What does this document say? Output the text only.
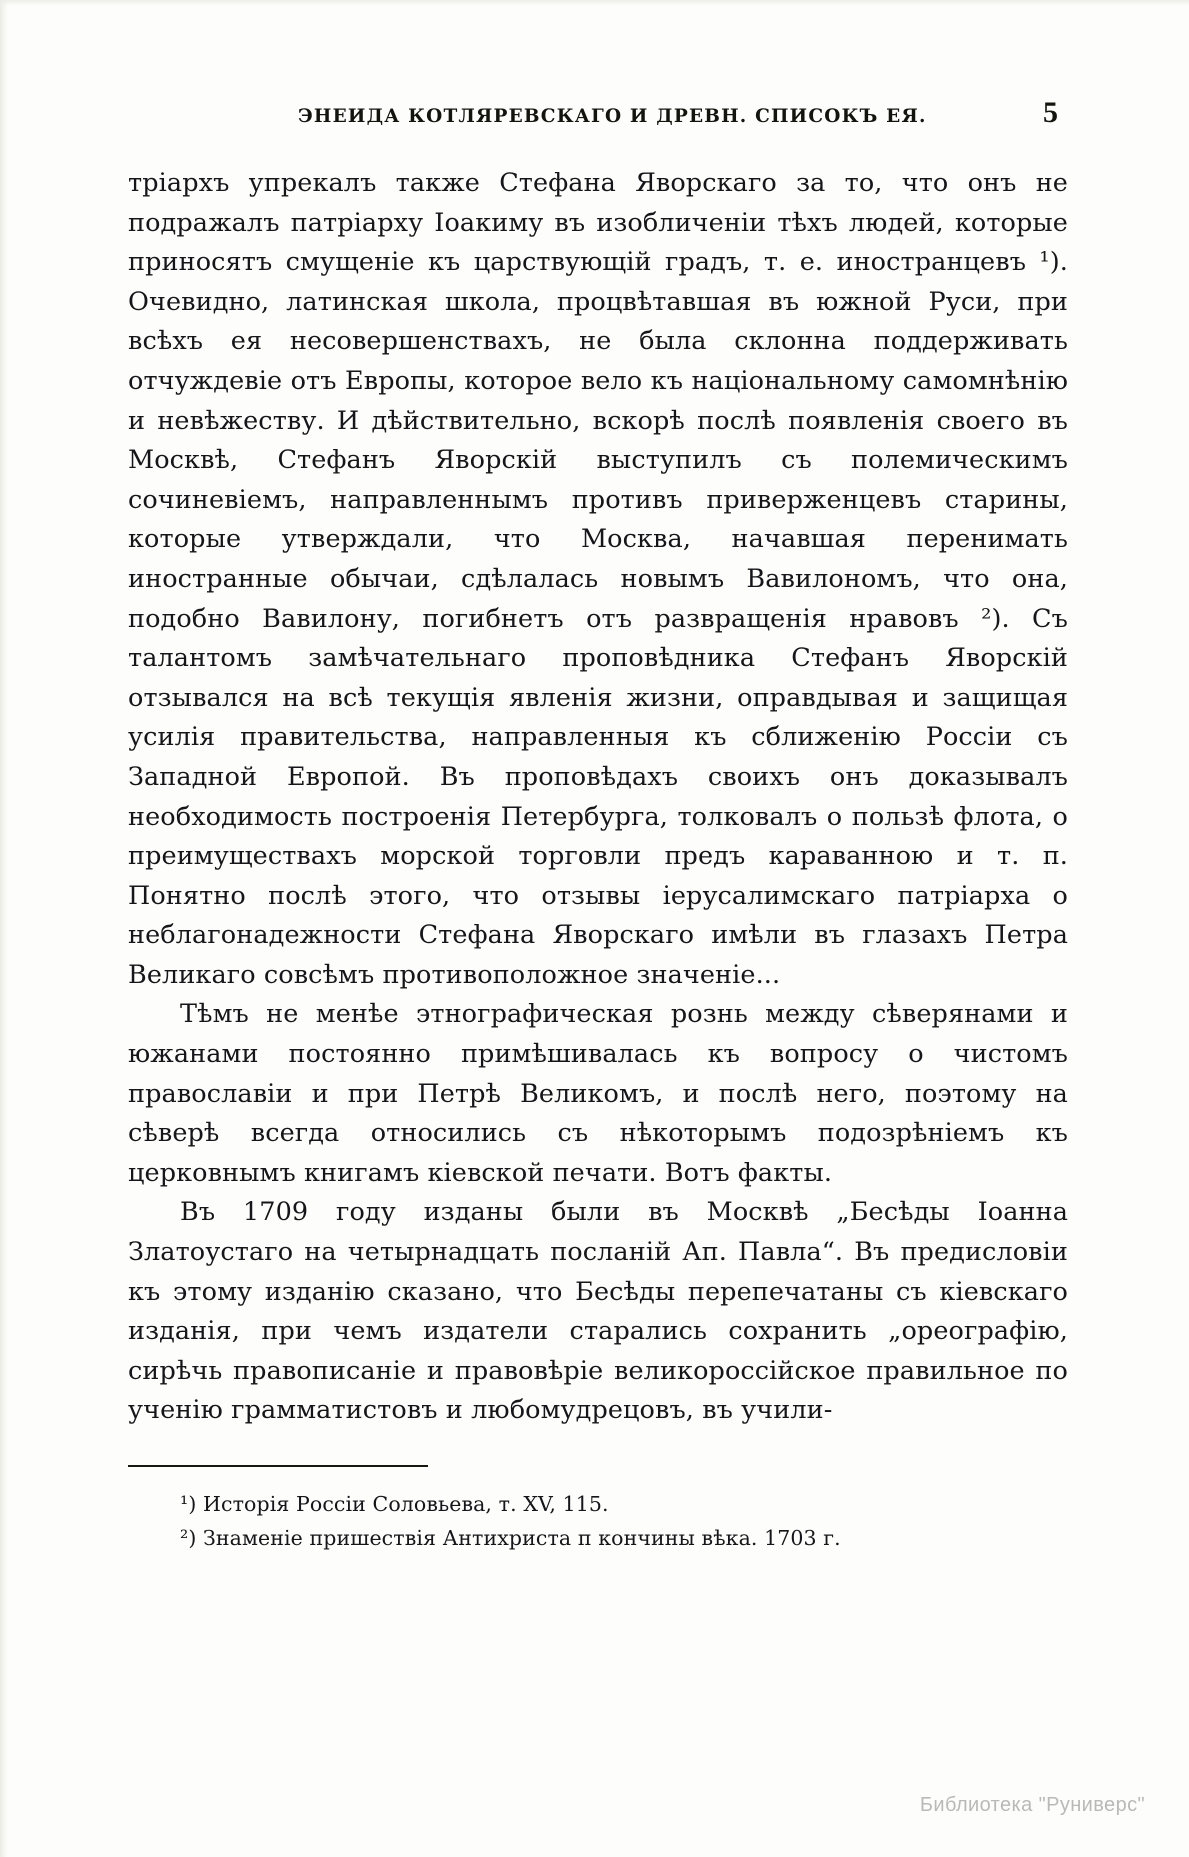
ЭНЕИДА КОТЛЯРЕВСКАГО И ДРЕВН. СПИСОКЪ ЕЯ.	5

тріархъ упрекалъ также Стефана Яворскаго за то, что онъ не подражалъ патріарху Іоакиму въ изобличеніи тѣхъ людей, которые приносятъ смущеніе къ царствующій градъ, т. е. иностранцевъ ¹). Очевидно, латинская школа, процвѣтавшая въ южной Руси, при всѣхъ ея несовершенствахъ, не была склонна поддерживать отчуждевіе отъ Европы, которое вело къ національному самомнѣнію и невѣжеству. И дѣйствительно, вскорѣ послѣ появленія своего въ Москвѣ, Стефанъ Яворскій выступилъ съ полемическимъ сочиневіемъ, направленнымъ противъ приверженцевъ старины, которые утверждали, что Москва, начавшая перенимать иностранные обычаи, сдѣлалась новымъ Вавилономъ, что она, подобно Вавилону, погибнетъ отъ развращенія нравовъ ²). Съ талантомъ замѣчательнаго проповѣдника Стефанъ Яворскій отзывался на всѣ текущія явленія жизни, оправдывая и защищая усилія правительства, направленныя къ сближенію Россіи съ Западной Европой. Въ проповѣдахъ своихъ онъ доказывалъ необходимость построенія Петербурга, толковалъ о пользѣ флота, о преимуществахъ морской торговли предъ караванною и т. п. Понятно послѣ этого, что отзывы іерусалимскаго патріарха о неблагонадежности Стефана Яворскаго имѣли въ глазахъ Петра Великаго совсѣмъ противоположное значеніе...

Тѣмъ не менѣе этнографическая рознь между сѣверянами и южанами постоянно примѣшивалась къ вопросу о чистомъ православіи и при Петрѣ Великомъ, и послѣ него, поэтому на сѣверѣ всегда относились съ нѣкоторымъ подозрѣніемъ къ церковнымъ книгамъ кіевской печати. Вотъ факты.

Въ 1709 году изданы были въ Москвѣ „Бесѣды Іоанна Златоустаго на четырнадцать посланій Ап. Павла“. Въ предисловіи къ этому изданію сказано, что Бесѣды перепечатаны съ кіевскаго изданія, при чемъ издатели старались сохранить „ореографію, сирѣчь правописаніе и правовѣріе великороссійское правильное по ученію грамматистовъ и любомудрецовъ, въ учили-

¹) Исторія Россіи Соловьева, т. XV, 115.
²) Знаменіе пришествія Антихриста п кончины вѣка. 1703 г.
Библиотека "Руниверс"
